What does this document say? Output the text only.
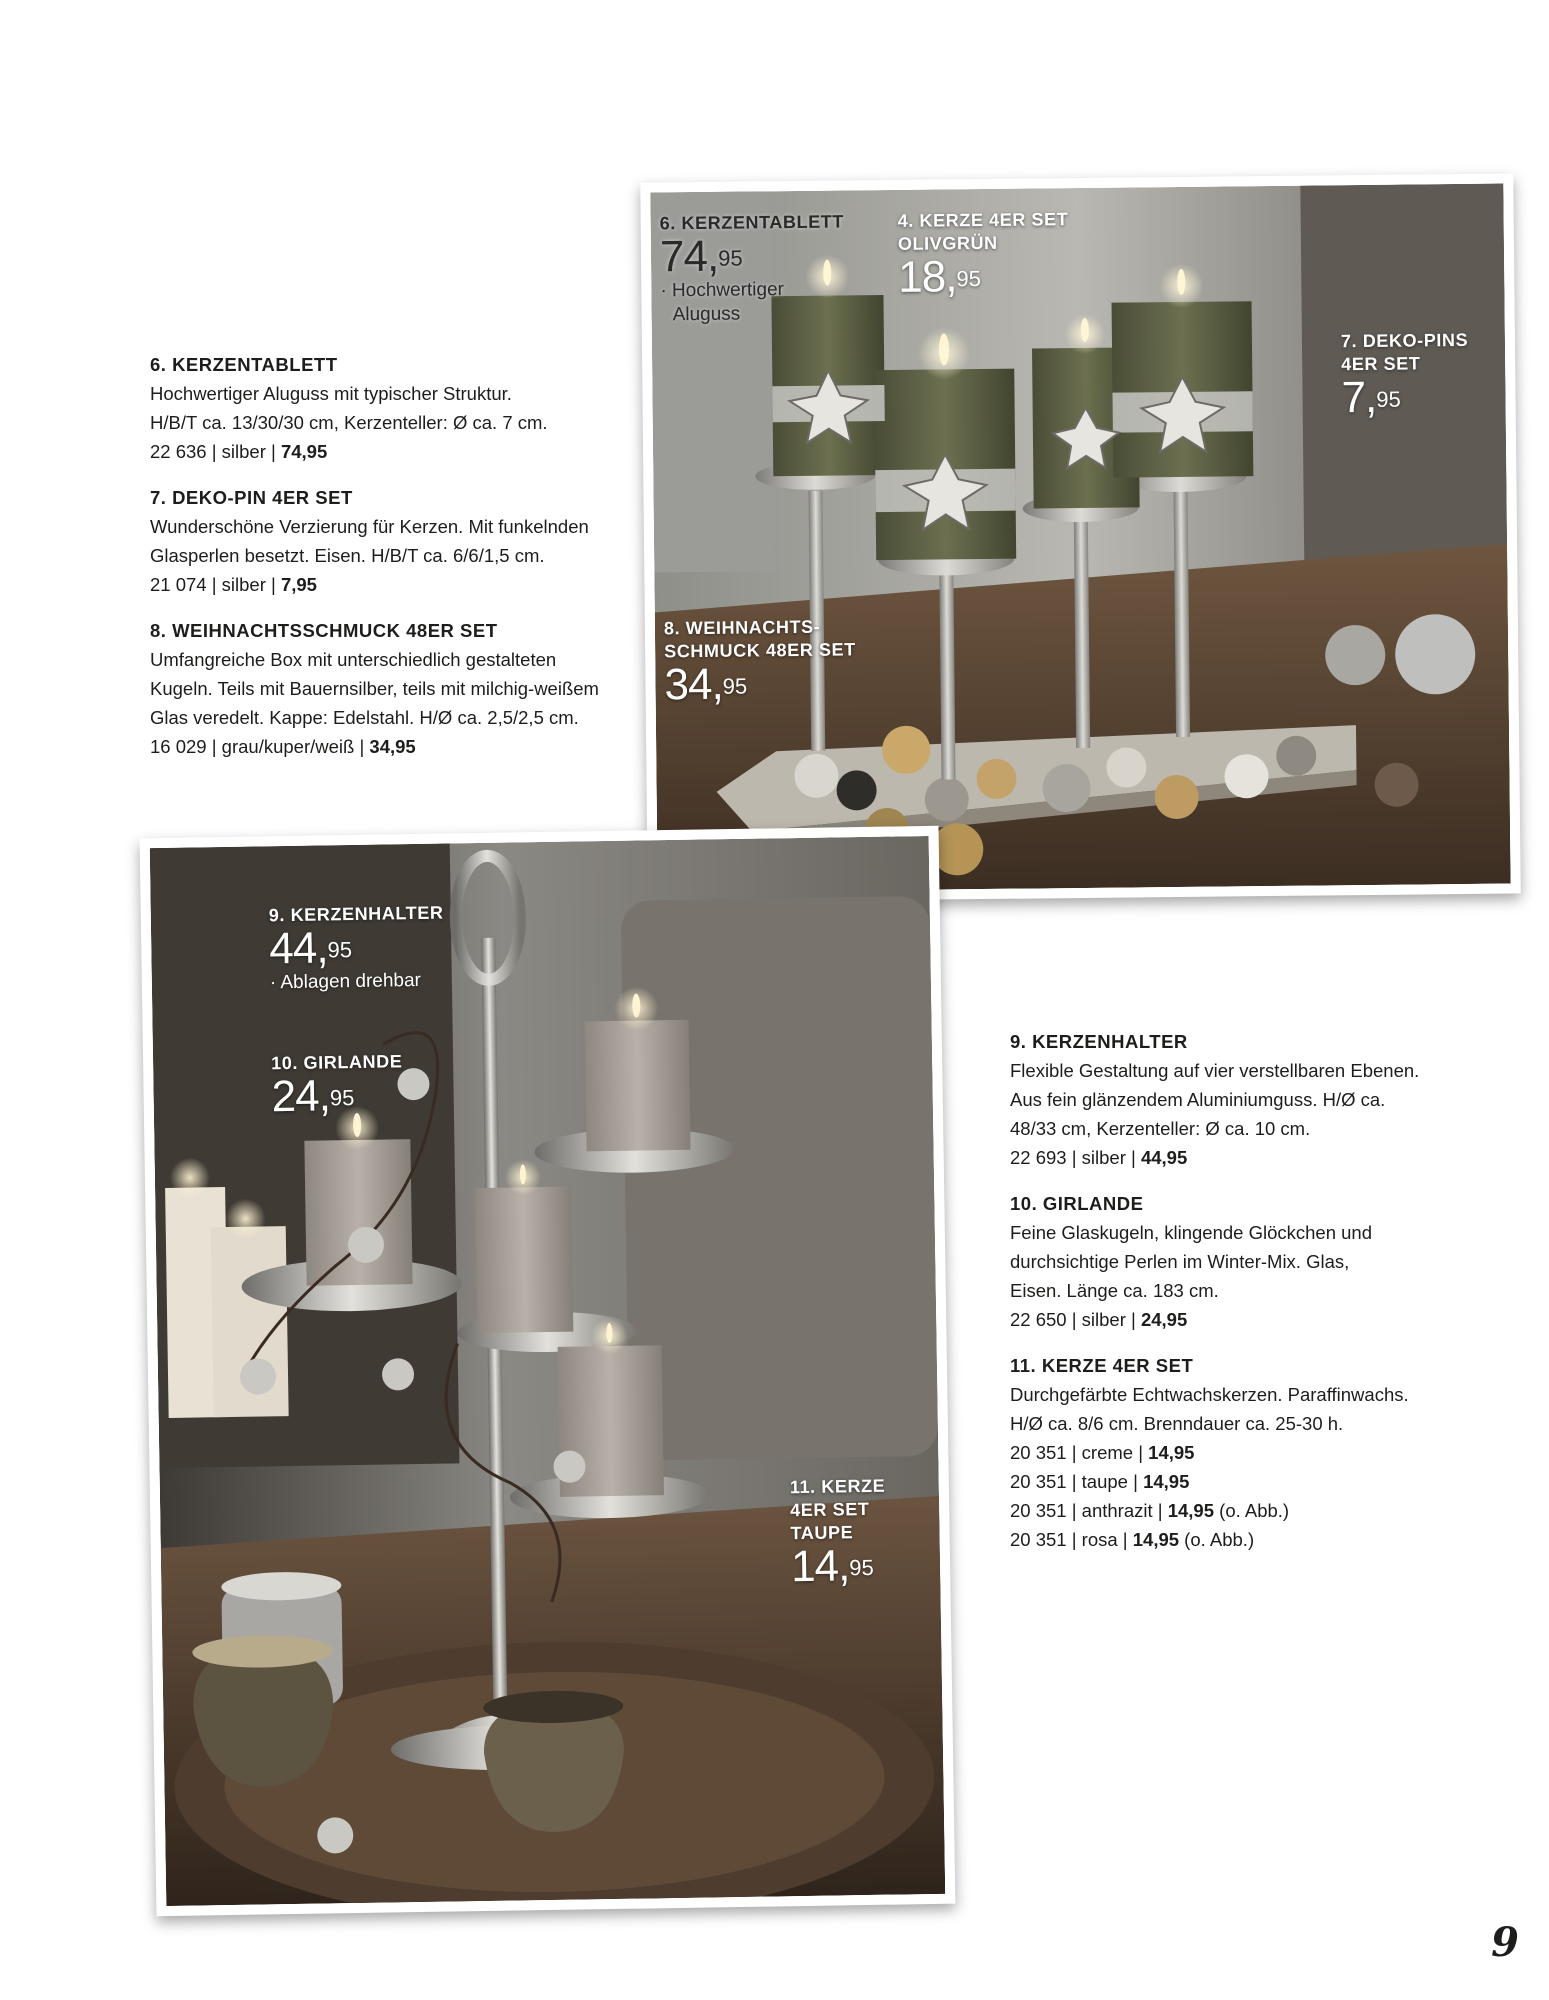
6. KERZENTABLETT

Hochwertiger Aluguss mit typischer Struktur.

H/B/T ca. 13/30/30 cm, Kerzenteller: Ø ca. 7 cm.

22 636 | silber | 74,95

7. DEKO-PIN 4ER SET

Wunderschöne Verzierung für Kerzen. Mit funkelnden

Glasperlen besetzt. Eisen. H/B/T ca. 6/6/1,5 cm.

21 074 | silber | 7,95

8. WEIHNACHTSSCHMUCK 48ER SET

Umfangreiche Box mit unterschiedlich gestalteten

Kugeln. Teils mit Bauernsilber, teils mit milchig-weißem

Glas veredelt. Kappe: Edelstahl. H/Ø ca. 2,5/2,5 cm.

16 029 | grau/kuper/weiß | 34,95

6. KERZENTABLETT
74,95
· Hochwertiger
Aluguss
4. KERZE 4ER SET
OLIVGRÜN
18,95
7. DEKO-PINS
4ER SET
7,95
8. WEIHNACHTS-
SCHMUCK 48ER SET
34,95
9. KERZENHALTER
44,95
· Ablagen drehbar
10. GIRLANDE
24,95
11. KERZE
4ER SET
TAUPE
14,95
9. KERZENHALTER

Flexible Gestaltung auf vier verstellbaren Ebenen.

Aus fein glänzendem Aluminiumguss. H/Ø ca.

48/33 cm, Kerzenteller: Ø ca. 10 cm.

22 693 | silber | 44,95

10. GIRLANDE

Feine Glaskugeln, klingende Glöckchen und

durchsichtige Perlen im Winter-Mix. Glas,

Eisen. Länge ca. 183 cm.

22 650 | silber | 24,95

11. KERZE 4ER SET

Durchgefärbte Echtwachskerzen. Paraffinwachs.

H/Ø ca. 8/6 cm. Brenndauer ca. 25-30 h.

20 351 | creme | 14,95

20 351 | taupe | 14,95

20 351 | anthrazit | 14,95 (o. Abb.)

20 351 | rosa | 14,95 (o. Abb.)

9
